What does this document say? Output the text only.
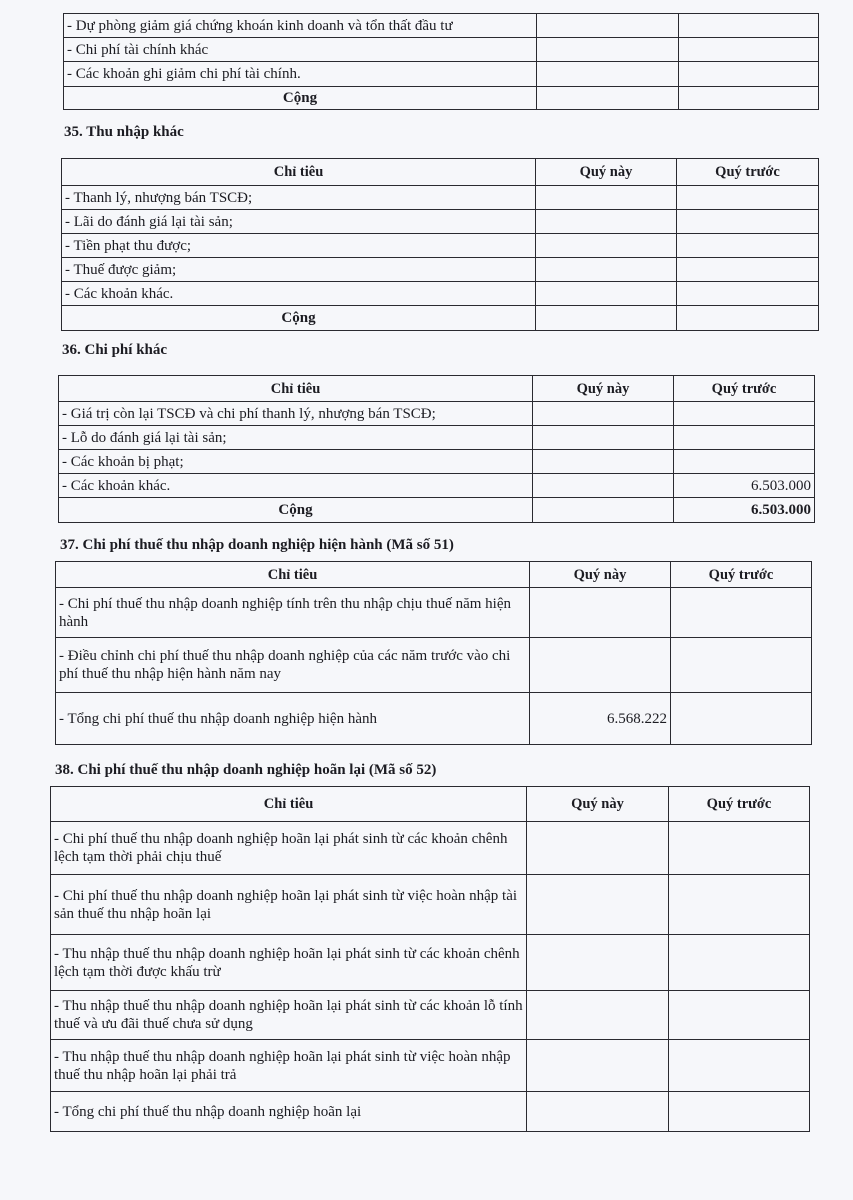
- Dự phòng giảm giá chứng khoán kinh doanh và tổn thất đầu tư		
- Chi phí tài chính khác		
- Các khoản ghi giảm chi phí tài chính.		
Cộng		
35. Thu nhập khác
Chỉ tiêu	Quý này	Quý trước
- Thanh lý, nhượng bán TSCĐ;		
- Lãi do đánh giá lại tài sản;		
- Tiền phạt thu được;		
- Thuế được giảm;		
- Các khoản khác.		
Cộng		
36. Chi phí khác
Chỉ tiêu	Quý này	Quý trước
- Giá trị còn lại TSCĐ và chi phí thanh lý, nhượng bán TSCĐ;		
- Lỗ do đánh giá lại tài sản;		
- Các khoản bị phạt;		
- Các khoản khác.		6.503.000
Cộng		6.503.000
37. Chi phí thuế thu nhập doanh nghiệp hiện hành (Mã số 51)
Chỉ tiêu	Quý này	Quý trước
- Chi phí thuế thu nhập doanh nghiệp tính trên thu nhập chịu thuế năm hiện hành		
- Điều chỉnh chi phí thuế thu nhập doanh nghiệp của các năm trước vào chi phí thuế thu nhập hiện hành năm nay		
- Tổng chi phí thuế thu nhập doanh nghiệp hiện hành	6.568.222	
38. Chi phí thuế thu nhập doanh nghiệp hoãn lại (Mã số 52)
Chỉ tiêu	Quý này	Quý trước
- Chi phí thuế thu nhập doanh nghiệp hoãn lại phát sinh từ các khoản chênh lệch tạm thời phải chịu thuế		
- Chi phí thuế thu nhập doanh nghiệp hoãn lại phát sinh từ việc hoàn nhập tài sản thuế thu nhập hoãn lại		
- Thu nhập thuế thu nhập doanh nghiệp hoãn lại phát sinh từ các khoản chênh lệch tạm thời được khấu trừ		
- Thu nhập thuế thu nhập doanh nghiệp hoãn lại phát sinh từ các khoản lỗ tính thuế và ưu đãi thuế chưa sử dụng		
- Thu nhập thuế thu nhập doanh nghiệp hoãn lại phát sinh từ việc hoàn nhập thuế thu nhập hoãn lại phải trả		
- Tổng chi phí thuế thu nhập doanh nghiệp hoãn lại		
